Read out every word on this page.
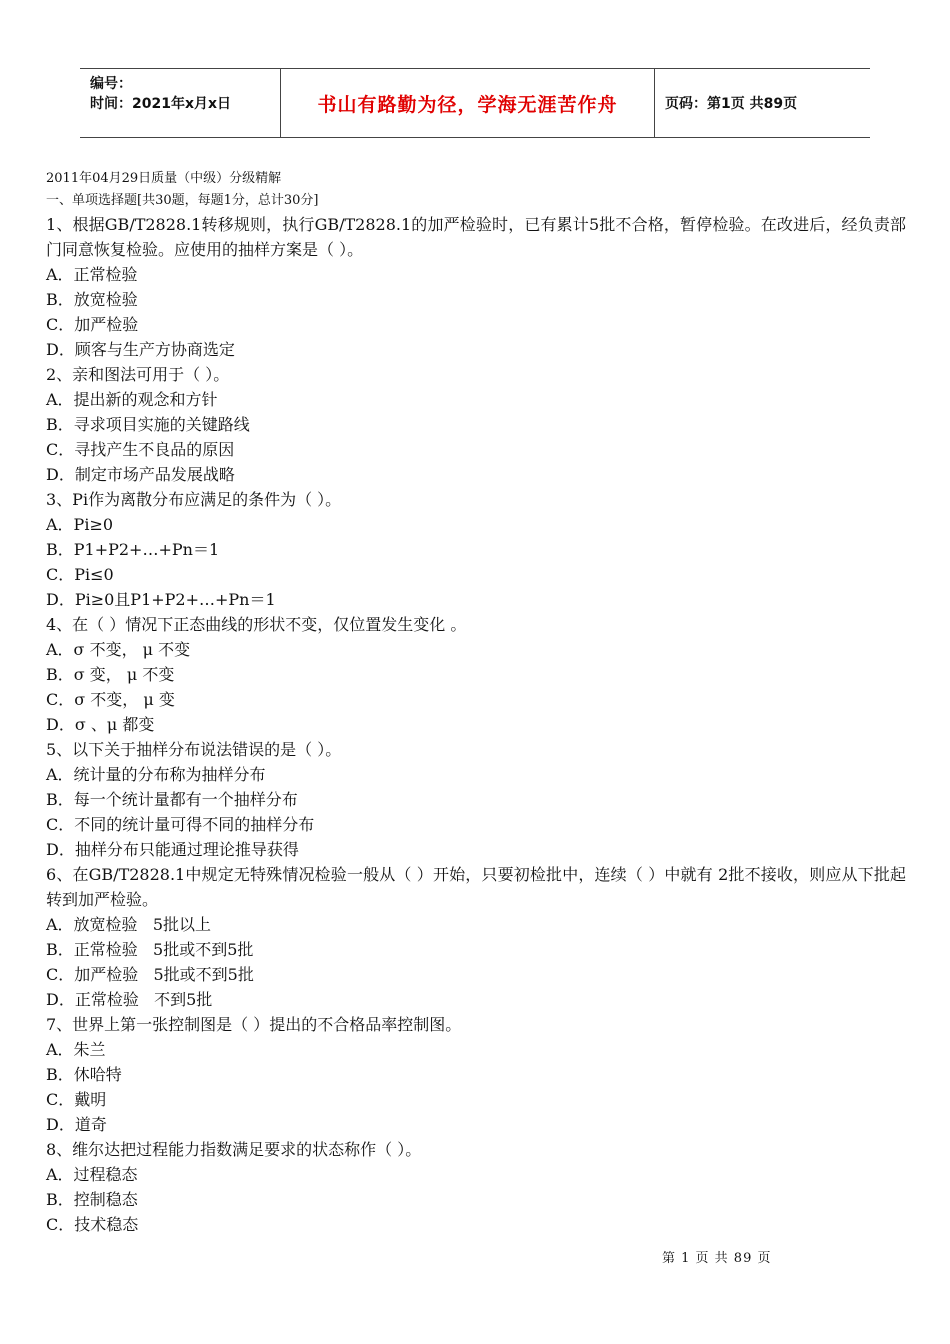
编号：
时间：2021年x月x日	书山有路勤为径，学海无涯苦作舟	页码：第1页 共89页
2011年04月29日质量（中级）分级精解
一、单项选择题[共30题，每题1分，总计30分]
1、根据GB/T2828.1转移规则，执行GB/T2828.1的加严检验时，已有累计5批不合格，暂停检验。在改进后，经负责部门同意恢复检验。应使用的抽样方案是（ ）。
A．正常检验
B．放宽检验
C．加严检验
D．顾客与生产方协商选定
2、亲和图法可用于（ ）。
A．提出新的观念和方针
B．寻求项目实施的关键路线
C．寻找产生不良品的原因
D．制定市场产品发展战略
3、Pi作为离散分布应满足的条件为（ ）。
A．Pi≥0
B．P1+P2+…+Pn＝1
C．Pi≤0
D．Pi≥0且P1+P2+…+Pn＝1
4、在（ ）情况下正态曲线的形状不变，仅位置发生变化 。
A．σ 不变， μ 不变
B．σ 变， μ 不变
C．σ 不变， μ 变
D．σ 、μ 都变
5、以下关于抽样分布说法错误的是（ ）。
A．统计量的分布称为抽样分布
B．每一个统计量都有一个抽样分布
C．不同的统计量可得不同的抽样分布
D．抽样分布只能通过理论推导获得
6、在GB/T2828.1中规定无特殊情况检验一般从（ ）开始，只要初检批中，连续（ ）中就有 2批不接收，则应从下批起转到加严检验。
A．放宽检验   5批以上
B．正常检验   5批或不到5批
C．加严检验   5批或不到5批
D．正常检验   不到5批
7、世界上第一张控制图是（ ）提出的不合格品率控制图。
A．朱兰
B．休哈特
C．戴明
D．道奇
8、维尔达把过程能力指数满足要求的状态称作（ ）。
A．过程稳态
B．控制稳态
C．技术稳态
第 1 页 共 89 页
